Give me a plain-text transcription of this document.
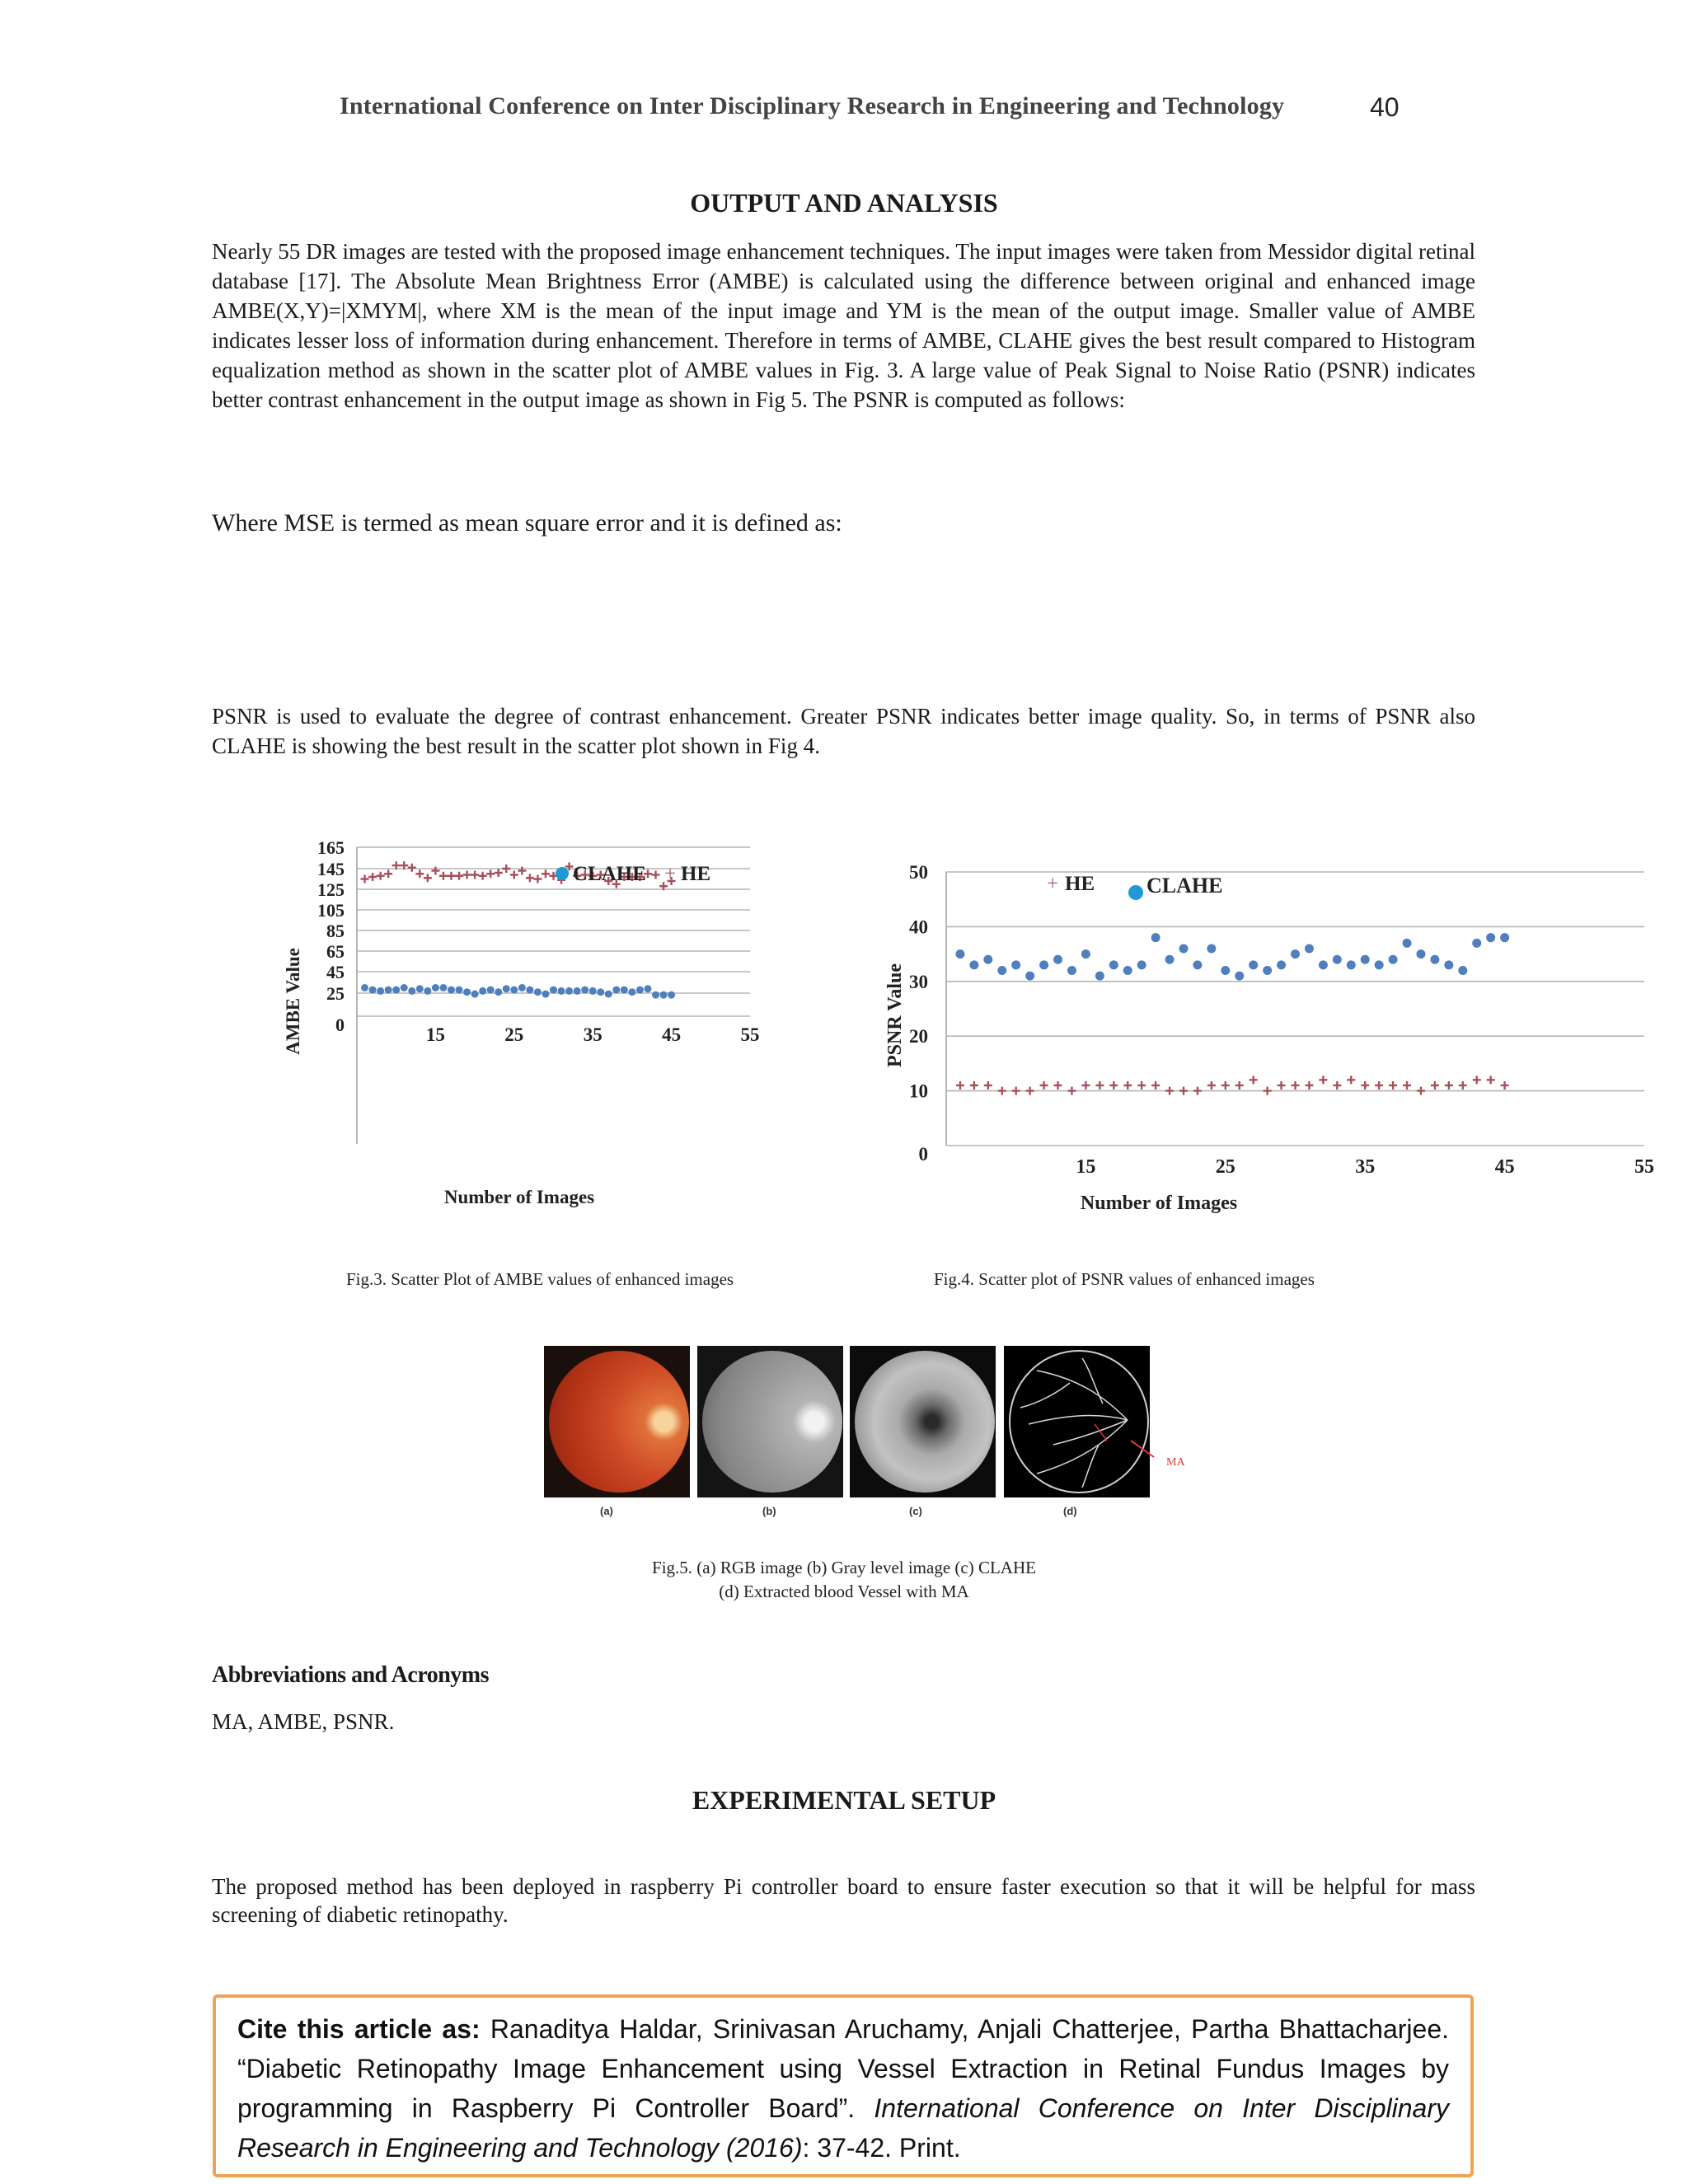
International Conference on Inter Disciplinary Research in Engineering and Technology	40
OUTPUT AND ANALYSIS
Nearly 55 DR images are tested with the proposed image enhancement techniques. The input images were taken from Messidor digital retinal database [17]. The Absolute Mean Brightness Error (AMBE) is calculated using the difference between original and enhanced image AMBE(X,Y)=|XMYM|, where XM is the mean of the input image and YM is the mean of the output image. Smaller value of AMBE indicates lesser loss of information during enhancement. Therefore in terms of AMBE, CLAHE gives the best result compared to Histogram equalization method as shown in the scatter plot of AMBE values in Fig. 3. A large value of Peak Signal to Noise Ratio (PSNR) indicates better contrast enhancement in the output image as shown in Fig 5. The PSNR is computed as follows:
Where MSE is termed as mean square error and it is defined as:
PSNR is used to evaluate the degree of contrast enhancement. Greater PSNR indicates better image quality. So, in terms of PSNR also CLAHE is showing the best result in the scatter plot shown in Fig 4.
0
25
45
65
85
105
125
145
165
15	25	35	45	55
Number of Images
AMBE Value
CLAHE + HE
0
10
20
30
40
50
15	25	35	45	55
Number of Images
PSNR Value
+ HE CLAHE
Fig.3. Scatter Plot of AMBE values of enhanced images	Fig.4. Scatter plot of PSNR values of enhanced images
MA
(a)	(b)	(c)	(d)
Fig.5. (a) RGB image (b) Gray level image (c) CLAHE
(d) Extracted blood Vessel with MA
Abbreviations and Acronyms
MA, AMBE, PSNR.
EXPERIMENTAL SETUP
The proposed method has been deployed in raspberry Pi controller board to ensure faster execution so that it will be helpful for mass screening of diabetic retinopathy.
Cite this article as: Ranaditya Haldar, Srinivasan Aruchamy, Anjali Chatterjee, Partha Bhattacharjee. “Diabetic Retinopathy Image Enhancement using Vessel Extraction in Retinal Fundus Images by programming in Raspberry Pi Controller Board”. International Conference on Inter Disciplinary Research in Engineering and Technology (2016): 37-42. Print.
